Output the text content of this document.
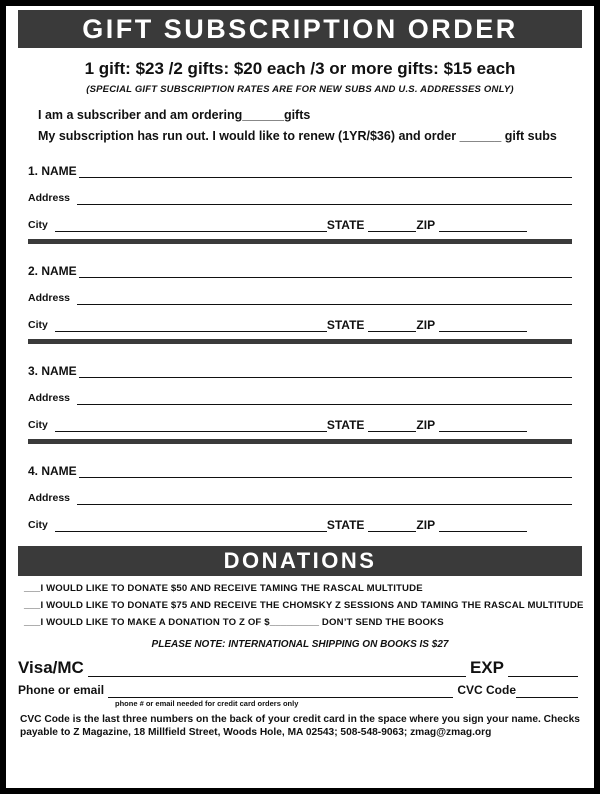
GIFT SUBSCRIPTION ORDER
1 gift: $23 /2 gifts: $20 each /3 or more gifts: $15 each
(SPECIAL GIFT SUBSCRIPTION RATES ARE FOR NEW SUBS AND U.S. ADDRESSES ONLY)
I am a subscriber and am ordering______gifts
My subscription has run out. I would like to renew (1YR/$36) and order ______ gift subs
1. NAME
Address
City	STATE	ZIP
2. NAME
Address
City	STATE	ZIP
3. NAME
Address
City	STATE	ZIP
4. NAME
Address
City	STATE	ZIP
DONATIONS
___I WOULD LIKE TO DONATE $50 AND RECEIVE TAMING THE RASCAL MULTITUDE
___I WOULD LIKE TO DONATE $75 AND RECEIVE THE CHOMSKY Z SESSIONS AND TAMING THE RASCAL MULTITUDE
___I WOULD LIKE TO MAKE A DONATION TO Z OF $_________ DON’T SEND THE BOOKS
PLEASE NOTE: INTERNATIONAL SHIPPING ON BOOKS IS $27
Visa/MC	EXP
Phone or email	CVC Code
phone # or email needed for credit card orders only
CVC Code is the last three numbers on the back of your credit card in the space where you sign your name. Checks payable to Z Magazine, 18 Millfield Street, Woods Hole, MA 02543; 508-548-9063; zmag@zmag.org
